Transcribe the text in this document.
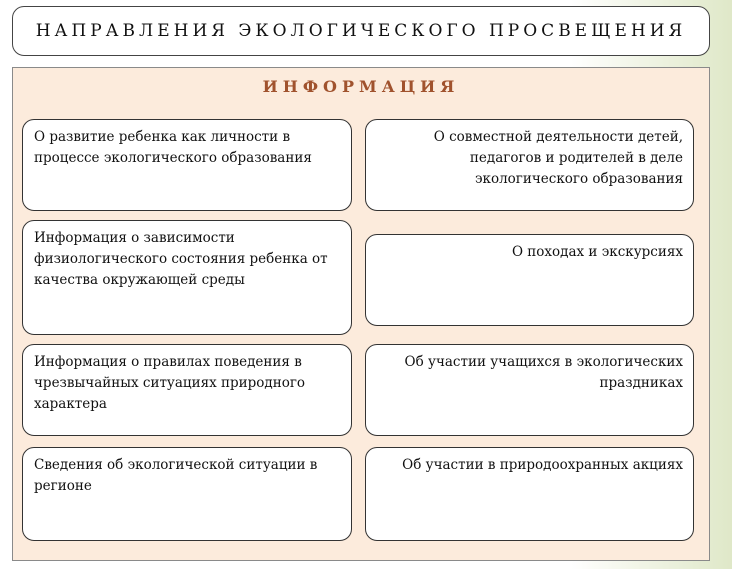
НАПРАВЛЕНИЯ ЭКОЛОГИЧЕСКОГО ПРОСВЕЩЕНИЯ
ИНФОРМАЦИЯ
О развитие ребенка как личности в процессе экологического образования
О совместной деятельности детей, педагогов и родителей в деле экологического образования
Информация о зависимости физиологического состояния ребенка от качества окружающей среды
О походах и экскурсиях
Информация о правилах поведения в чрезвычайных ситуациях природного характера
Об участии учащихся в экологических праздниках
Сведения об экологической ситуации в регионе
Об участии в природоохранных акциях
